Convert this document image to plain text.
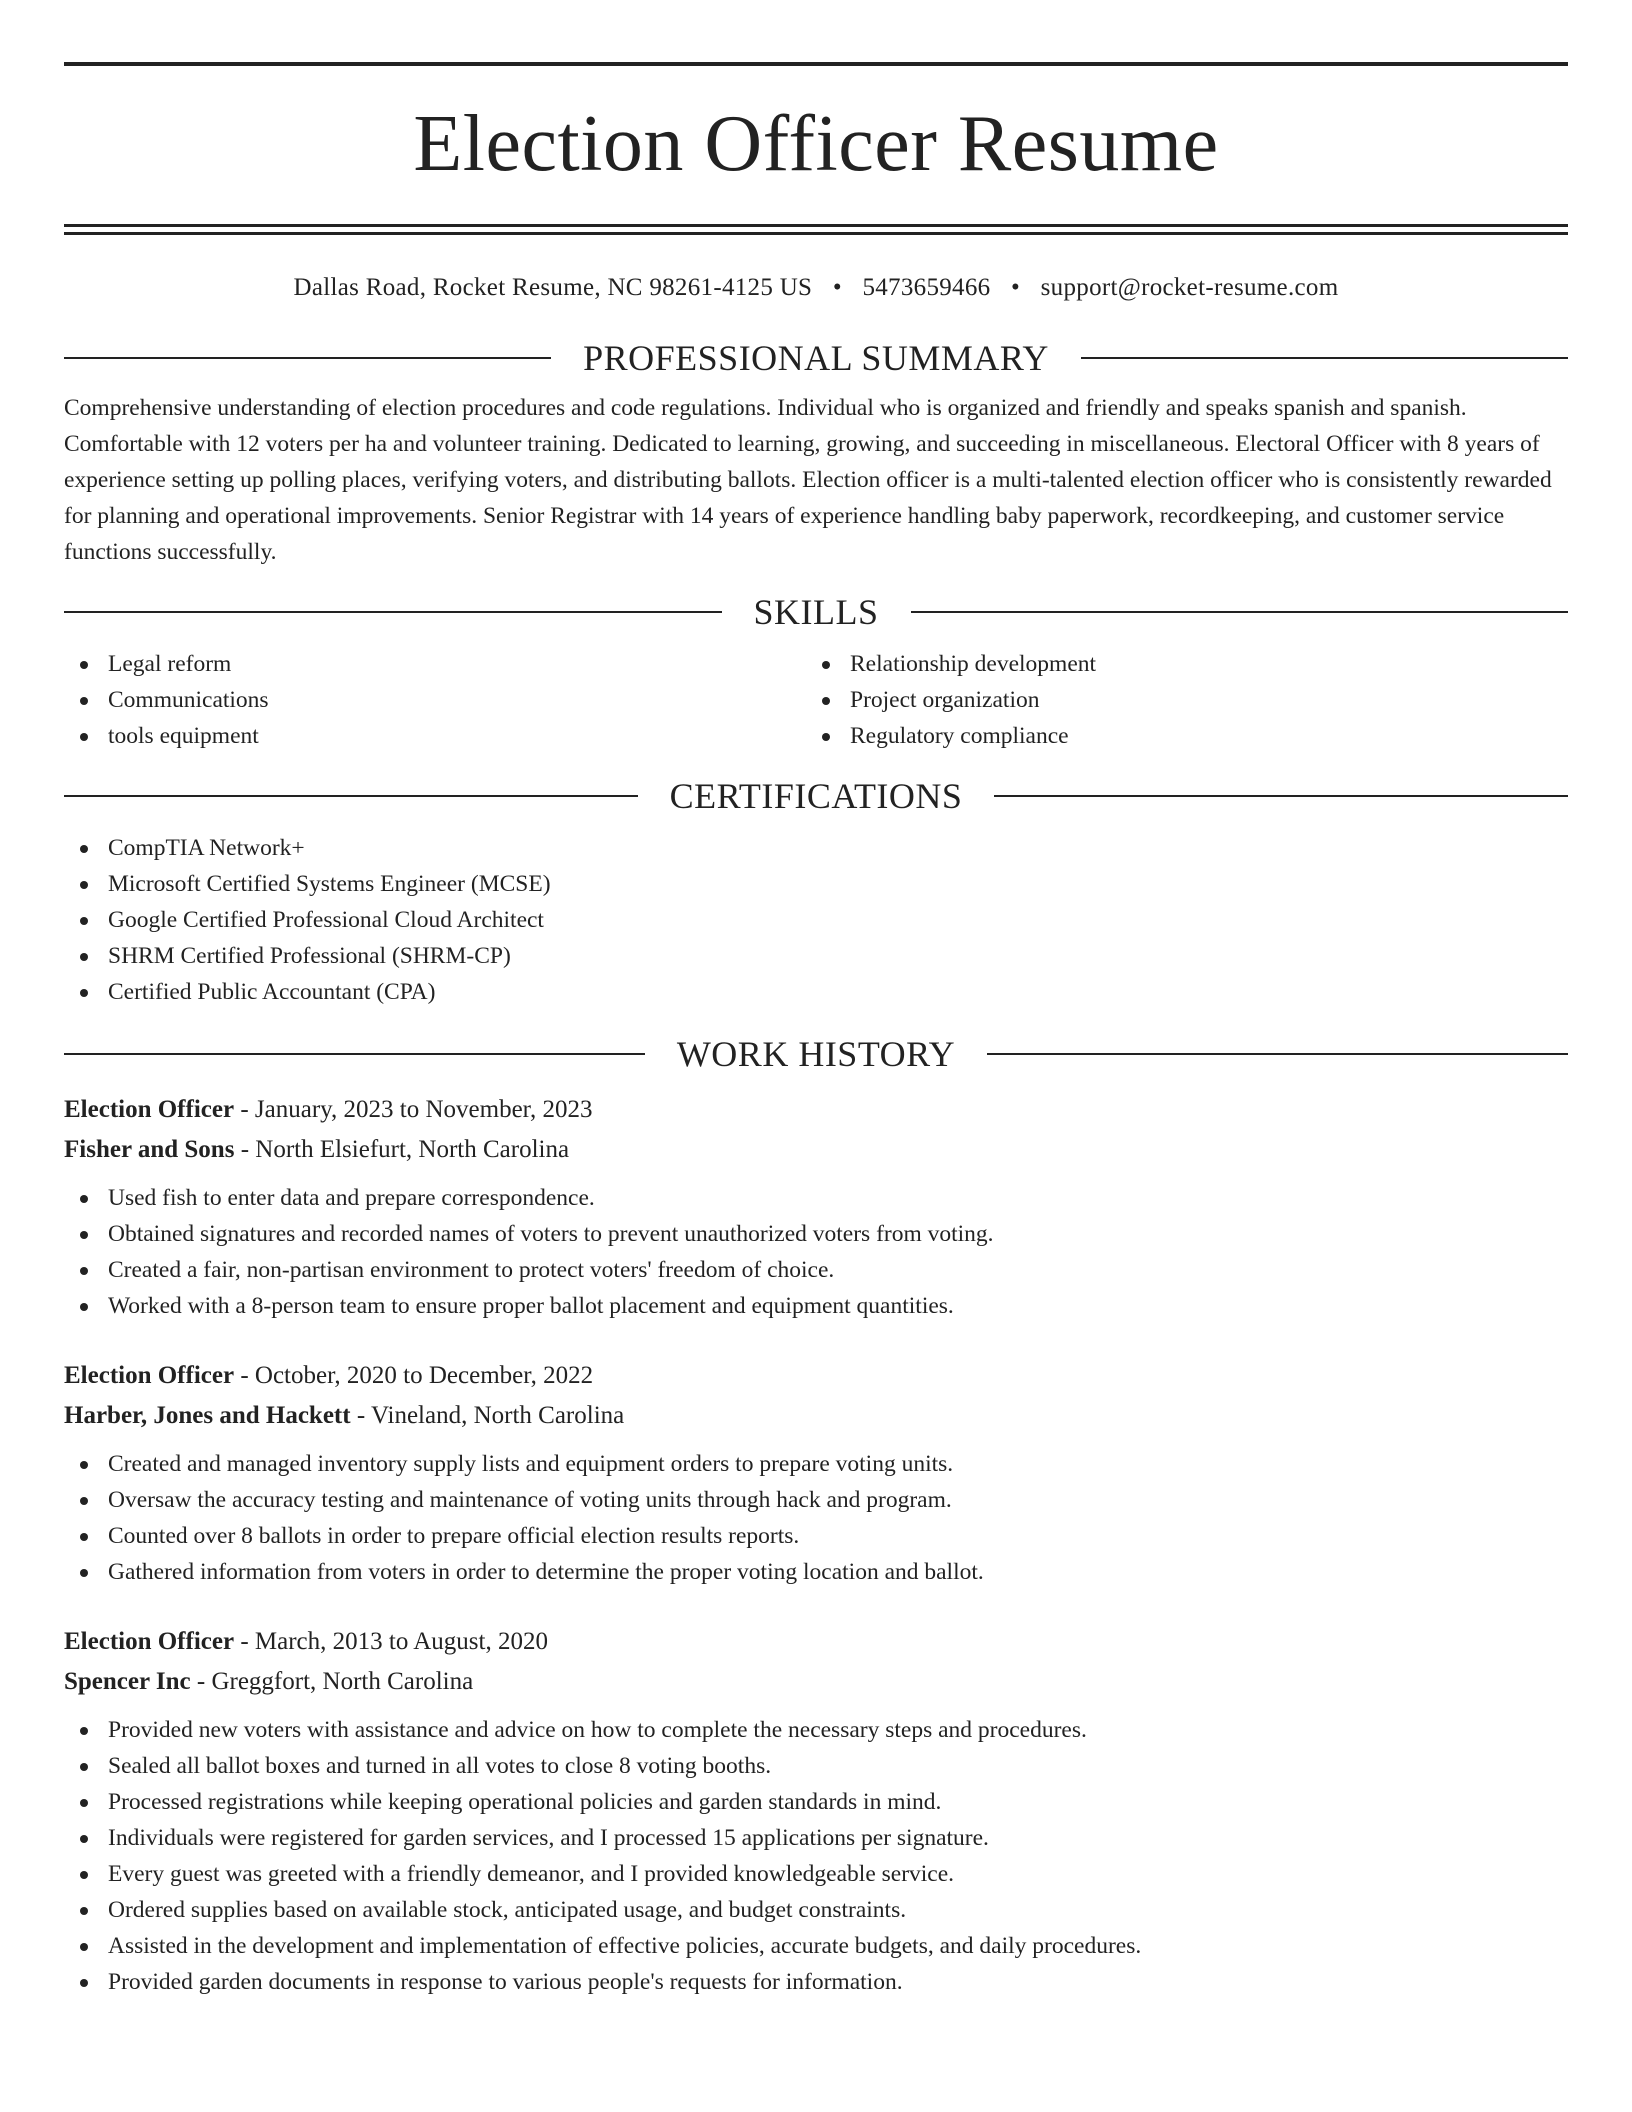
Election Officer Resume
Dallas Road, Rocket Resume, NC 98261-4125 US • 5473659466 • support@rocket-resume.com
PROFESSIONAL SUMMARY
Comprehensive understanding of election procedures and code regulations. Individual who is organized and friendly and speaks spanish and spanish. Comfortable with 12 voters per ha and volunteer training. Dedicated to learning, growing, and succeeding in miscellaneous. Electoral Officer with 8 years of experience setting up polling places, verifying voters, and distributing ballots. Election officer is a multi-talented election officer who is consistently rewarded for planning and operational improvements. Senior Registrar with 14 years of experience handling baby paperwork, recordkeeping, and customer service functions successfully.
SKILLS
Legal reform
Communications
tools equipment
Relationship development
Project organization
Regulatory compliance
CERTIFICATIONS
CompTIA Network+
Microsoft Certified Systems Engineer (MCSE)
Google Certified Professional Cloud Architect
SHRM Certified Professional (SHRM-CP)
Certified Public Accountant (CPA)
WORK HISTORY
Election Officer - January, 2023 to November, 2023
Fisher and Sons - North Elsiefurt, North Carolina
Used fish to enter data and prepare correspondence.
Obtained signatures and recorded names of voters to prevent unauthorized voters from voting.
Created a fair, non-partisan environment to protect voters' freedom of choice.
Worked with a 8-person team to ensure proper ballot placement and equipment quantities.
Election Officer - October, 2020 to December, 2022
Harber, Jones and Hackett - Vineland, North Carolina
Created and managed inventory supply lists and equipment orders to prepare voting units.
Oversaw the accuracy testing and maintenance of voting units through hack and program.
Counted over 8 ballots in order to prepare official election results reports.
Gathered information from voters in order to determine the proper voting location and ballot.
Election Officer - March, 2013 to August, 2020
Spencer Inc - Greggfort, North Carolina
Provided new voters with assistance and advice on how to complete the necessary steps and procedures.
Sealed all ballot boxes and turned in all votes to close 8 voting booths.
Processed registrations while keeping operational policies and garden standards in mind.
Individuals were registered for garden services, and I processed 15 applications per signature.
Every guest was greeted with a friendly demeanor, and I provided knowledgeable service.
Ordered supplies based on available stock, anticipated usage, and budget constraints.
Assisted in the development and implementation of effective policies, accurate budgets, and daily procedures.
Provided garden documents in response to various people's requests for information.
